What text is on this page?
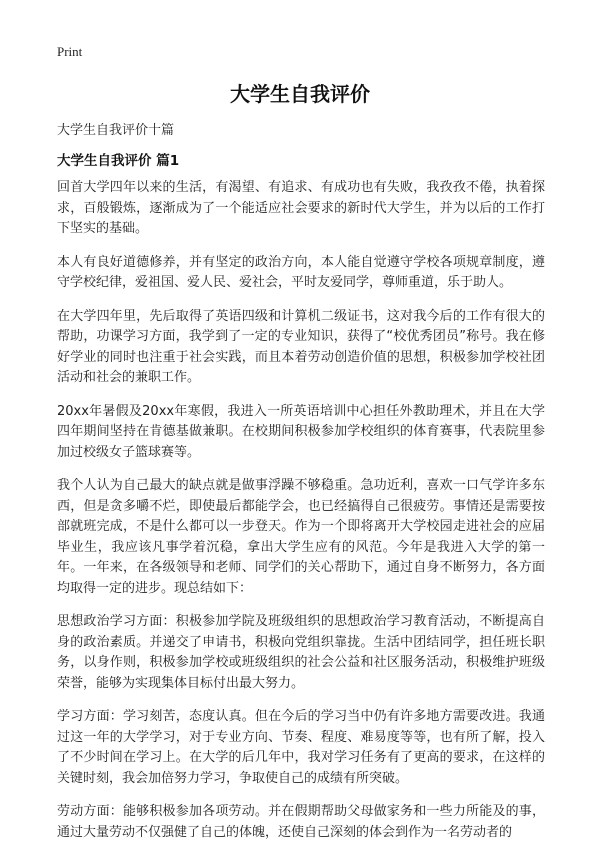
Print
大学生自我评价

大学生自我评价十篇

大学生自我评价 篇1

回首大学四年以来的生活，有渴望、有追求、有成功也有失败，我孜孜不倦，执着探求，百般锻炼，逐渐成为了一个能适应社会要求的新时代大学生，并为以后的工作打下坚实的基础。

本人有良好道德修养，并有坚定的政治方向，本人能自觉遵守学校各项规章制度，遵守学校纪律，爱祖国、爱人民、爱社会，平时友爱同学，尊师重道，乐于助人。

在大学四年里，先后取得了英语四级和计算机二级证书，这对我今后的工作有很大的帮助，功课学习方面，我学到了一定的专业知识，获得了“校优秀团员”称号。我在修好学业的同时也注重于社会实践，而且本着劳动创造价值的思想，积极参加学校社团活动和社会的兼职工作。

20xx年暑假及20xx年寒假，我进入一所英语培训中心担任外教助理术，并且在大学四年期间坚持在肯德基做兼职。在校期间积极参加学校组织的体育赛事，代表院里参加过校级女子篮球赛等。

我个人认为自己最大的缺点就是做事浮躁不够稳重。急功近利，喜欢一口气学许多东西，但是贪多嚼不烂，即使最后都能学会，也已经搞得自己很疲劳。事情还是需要按部就班完成，不是什么都可以一步登天。作为一个即将离开大学校园走进社会的应届毕业生，我应该凡事学着沉稳，拿出大学生应有的风范。今年是我进入大学的第一年。一年来，在各级领导和老师、同学们的关心帮助下，通过自身不断努力，各方面均取得一定的进步。现总结如下：

思想政治学习方面：积极参加学院及班级组织的思想政治学习教育活动，不断提高自身的政治素质。并递交了申请书，积极向党组织靠拢。生活中团结同学，担任班长职务，以身作则，积极参加学校或班级组织的社会公益和社区服务活动，积极维护班级荣誉，能够为实现集体目标付出最大努力。

学习方面：学习刻苦，态度认真。但在今后的学习当中仍有许多地方需要改进。我通过这一年的大学学习，对于专业方向、节奏、程度、难易度等等，也有所了解，投入了不少时间在学习上。在大学的后几年中，我对学习任务有了更高的要求，在这样的关键时刻，我会加倍努力学习，争取使自己的成绩有所突破。

劳动方面：能够积极参加各项劳动。并在假期帮助父母做家务和一些力所能及的事，通过大量劳动不仅强健了自己的体魄，还使自己深刻的体会到作为一名劳动者的
